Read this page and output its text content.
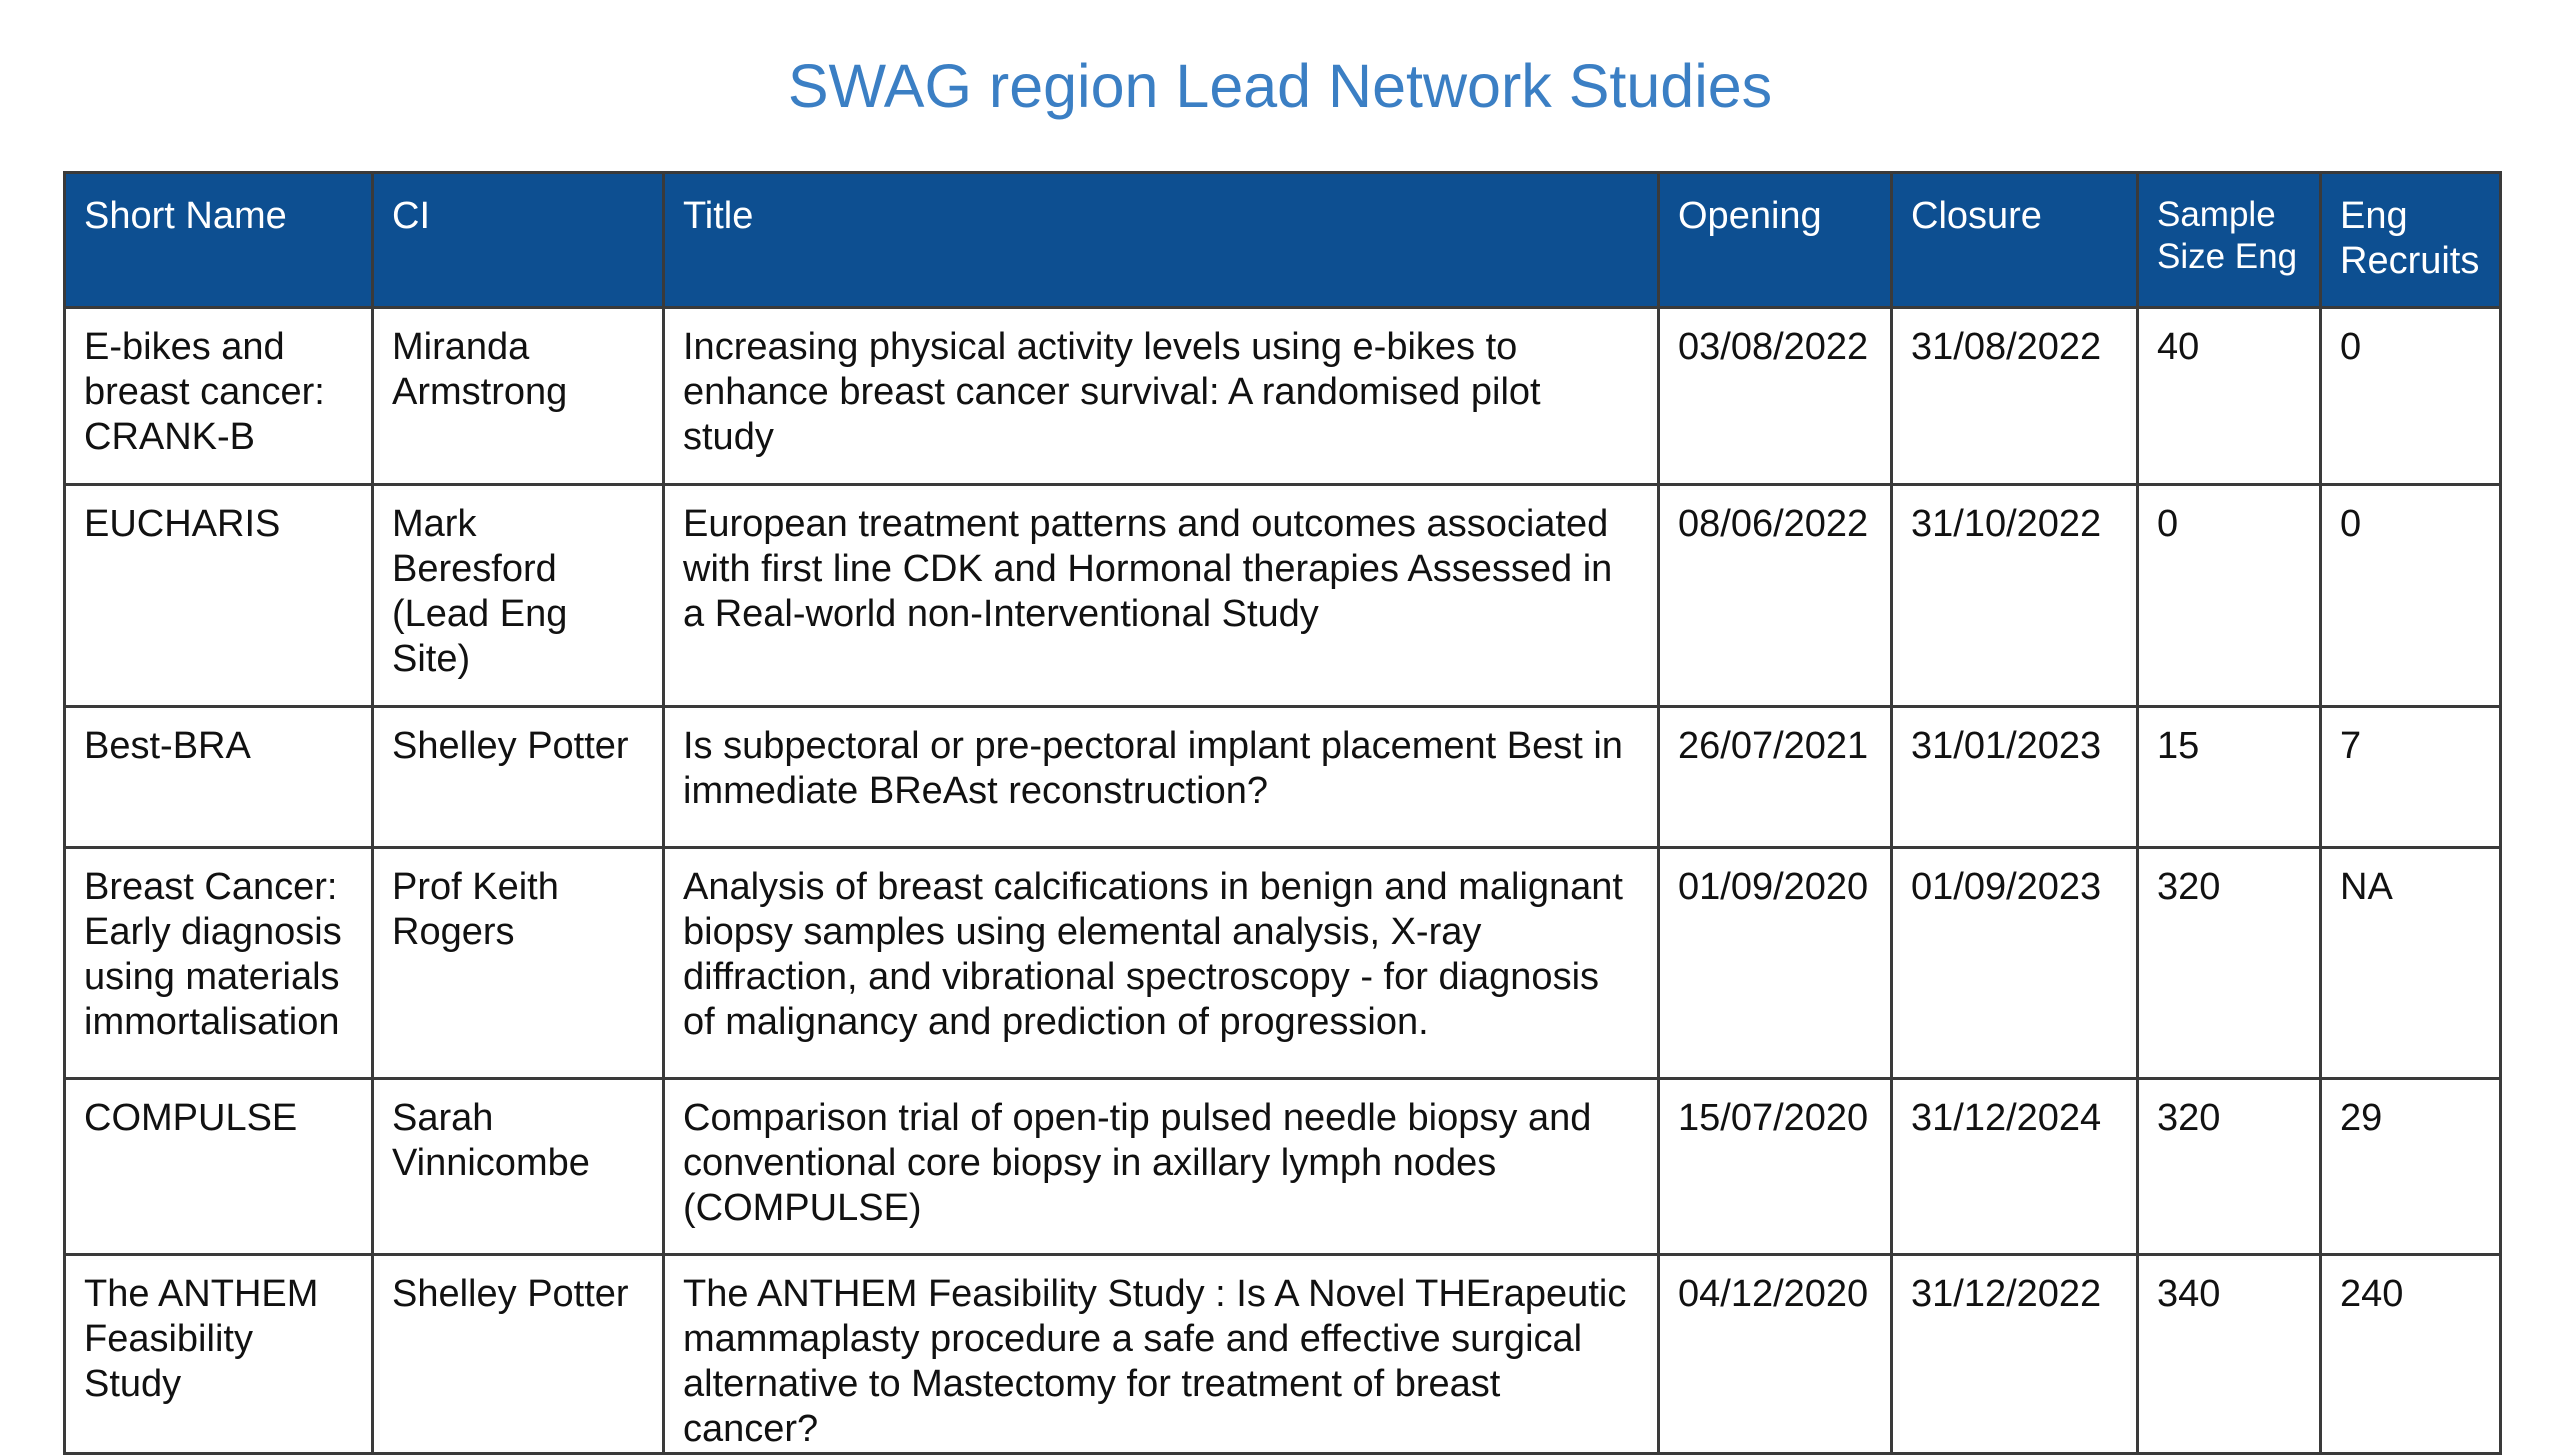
SWAG region Lead Network Studies
Short Name	CI	Title	Opening	Closure	Sample Size Eng	Eng Recruits
E-bikes and breast cancer: CRANK-B	Miranda Armstrong	Increasing physical activity levels using e-bikes to enhance breast cancer survival: A randomised pilot study	03/08/2022	31/08/2022	40	0
EUCHARIS	Mark Beresford (Lead Eng Site)	European treatment patterns and outcomes associated with first line CDK and Hormonal therapies Assessed in a Real-world non-Interventional Study	08/06/2022	31/10/2022	0	0
Best-BRA	Shelley Potter	Is subpectoral or pre-pectoral implant placement Best in immediate BReAst reconstruction?	26/07/2021	31/01/2023	15	7
Breast Cancer: Early diagnosis using materials immortalisation	Prof Keith Rogers	Analysis of breast calcifications in benign and malignant biopsy samples using elemental analysis, X-ray diffraction, and vibrational spectroscopy - for diagnosis of malignancy and prediction of progression.	01/09/2020	01/09/2023	320	NA
COMPULSE	Sarah Vinnicombe	Comparison trial of open-tip pulsed needle biopsy and conventional core biopsy in axillary lymph nodes (COMPULSE)	15/07/2020	31/12/2024	320	29
The ANTHEM Feasibility Study	Shelley Potter	The ANTHEM Feasibility Study : Is A Novel THErapeutic mammaplasty procedure a safe and effective surgical alternative to Mastectomy for treatment of breast cancer?	04/12/2020	31/12/2022	340	240
